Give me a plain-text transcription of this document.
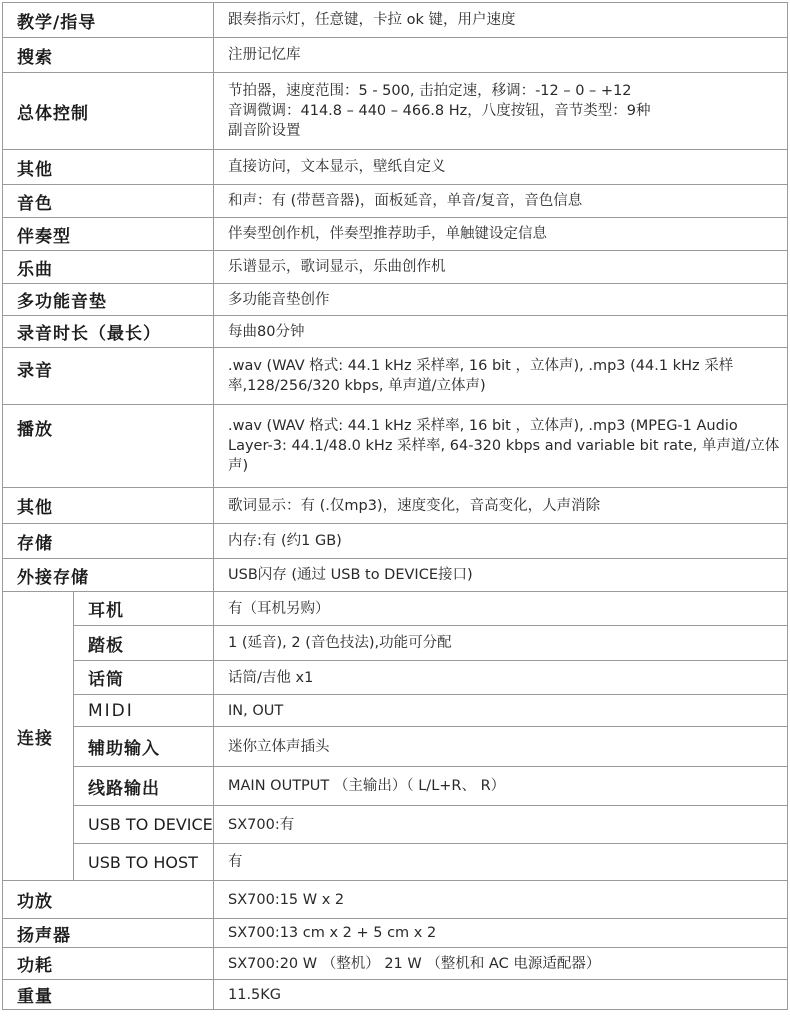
教学/指导		跟奏指示灯，任意键，卡拉 ok 键，用户速度
搜索		注册记忆库
总体控制		节拍器，速度范围：5 - 500, 击拍定速，移调：-12 – 0 – +12
音调微调：414.8 – 440 – 466.8 Hz，八度按钮，音节类型：9种
副音阶设置

其他		直接访问，文本显示，壁纸自定义
音色		和声：有 (带琶音器)，面板延音，单音/复音，音色信息
伴奏型		伴奏型创作机，伴奏型推荐助手，单触键设定信息
乐曲		乐谱显示，歌词显示，乐曲创作机
多功能音垫		多功能音垫创作
录音时长（最长）		每曲80分钟
录音		.wav (WAV 格式: 44.1 kHz 采样率, 16 bit ，立体声), .mp3 (44.1 kHz 采样率,128/256/320 kbps, 单声道/立体声)
播放		.wav (WAV 格式: 44.1 kHz 采样率, 16 bit ，立体声), .mp3 (MPEG-1 Audio Layer-3: 44.1/48.0 kHz 采样率, 64-320 kbps and variable bit rate, 单声道/立体声)
其他		歌词显示：有 (.仅mp3)，速度变化，音高变化，人声消除
存储		内存:有 (约1 GB)
外接存储		USB闪存 (通过 USB to DEVICE接口)
连接	耳机	有（耳机另购）
	踏板	1 (延音), 2 (音色技法),功能可分配
	话筒	话筒/吉他 x1
	MIDI	IN, OUT
	辅助输入	迷你立体声插头
	线路输出	MAIN OUTPUT （主输出）（ L/L+R、 R）
	USB TO DEVICE	SX700:有
	USB TO HOST	有
功放		SX700:15 W x 2
扬声器		SX700:13 cm x 2 + 5 cm x 2
功耗		SX700:20 W （整机） 21 W （整机和 AC 电源适配器）
重量		11.5KG
